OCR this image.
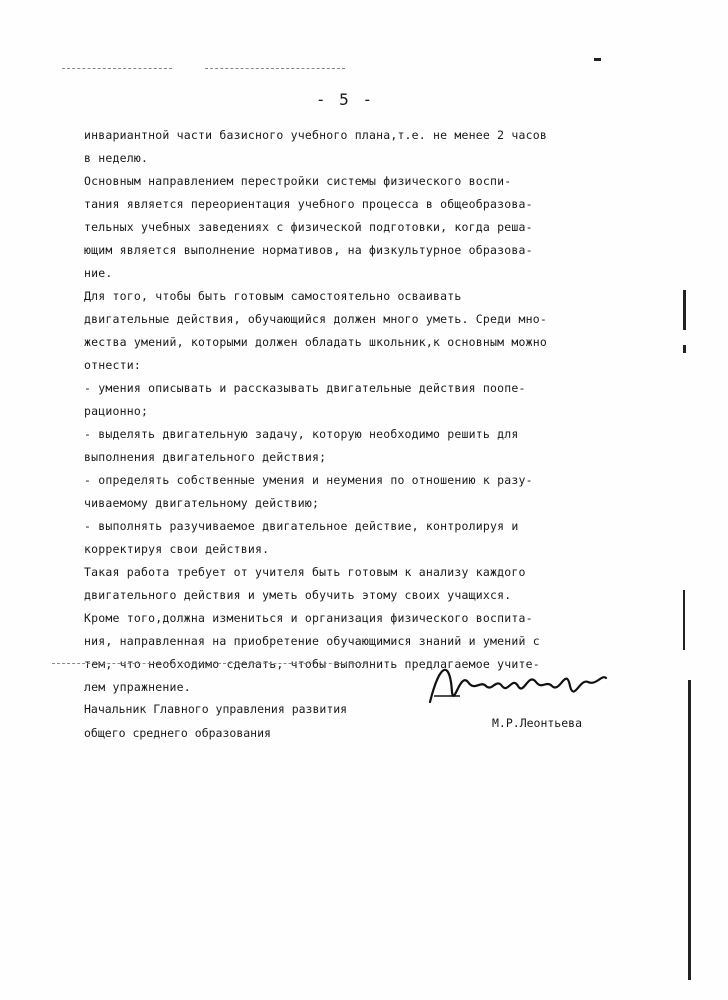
- 5 -
инвариантной части базисного учебного плана,т.е. не менее 2 часов
в неделю.
Основным направлением перестройки системы физического воспи-
тания является переориентация учебного процесса в общеобразова-
тельных учебных заведениях с физической подготовки, когда реша-
ющим является выполнение нормативов, на физкультурное образова-
ние.
Для того, чтобы быть готовым самостоятельно осваивать
двигательные действия, обучающийся должен много уметь. Среди мно-
жества умений, которыми должен обладать школьник,к основным можно
отнести:
- умения описывать и рассказывать двигательные действия поопе-
рационно;
- выделять двигательную задачу, которую необходимо решить для
выполнения двигательного действия;
- определять собственные умения и неумения по отношению к разу-
чиваемому двигательному действию;
- выполнять разучиваемое двигательное действие, контролируя и
корректируя свои действия.
Такая работа требует от учителя быть готовым к анализу каждого
двигательного действия и уметь обучить этому своих учащихся.
Кроме того,должна измениться и организация физического воспита-
ния, направленная на приобретение обучающимися знаний и умений с
тем, что необходимо сделать, чтобы выполнить предлагаемое учите-
лем упражнение.
Начальник Главного управления развития
общего среднего образования
М.Р.Леонтьева
